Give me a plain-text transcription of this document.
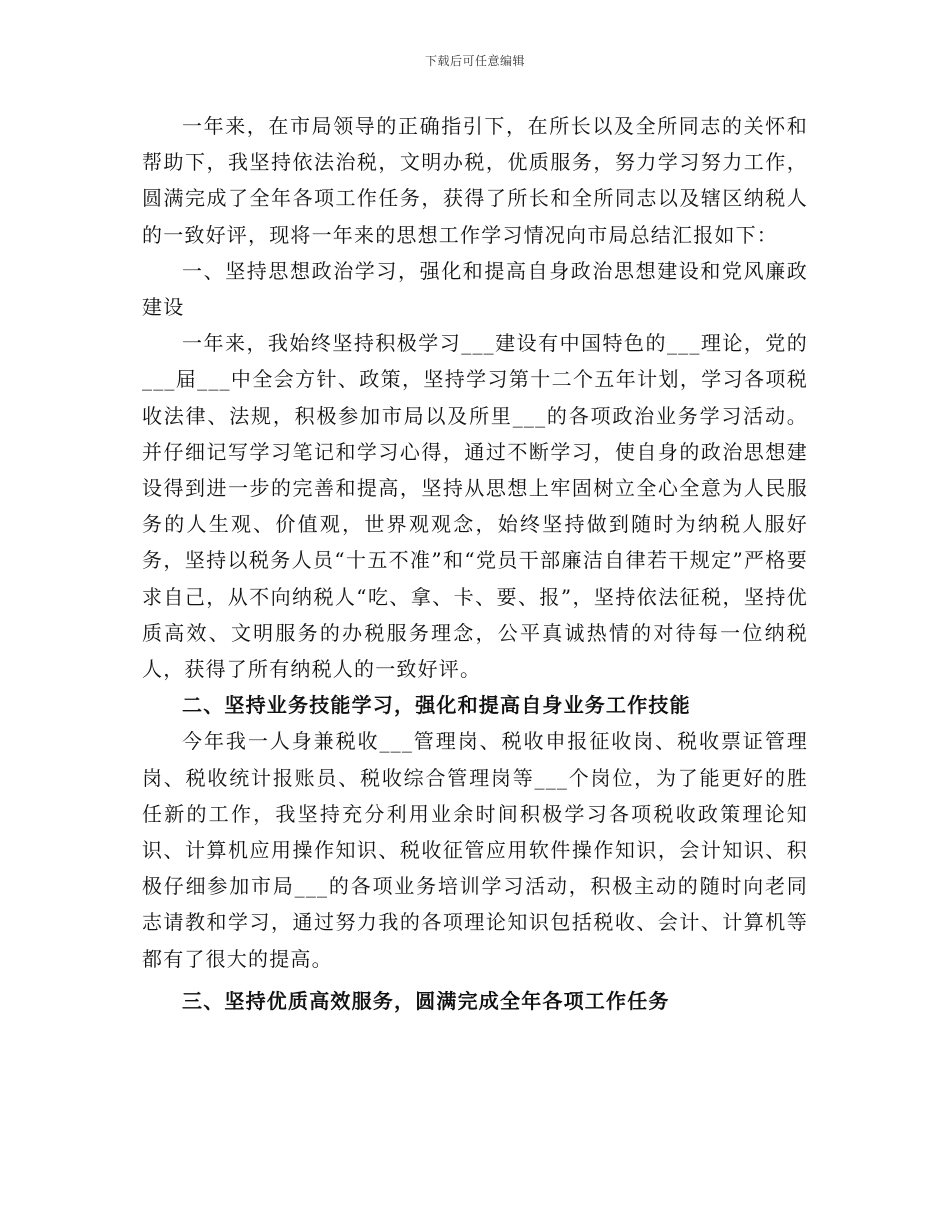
下载后可任意编辑

一年来，在市局领导的正确指引下，在所长以及全所同志的关怀和帮助下，我坚持依法治税，文明办税，优质服务，努力学习努力工作，圆满完成了全年各项工作任务，获得了所长和全所同志以及辖区纳税人的一致好评，现将一年来的思想工作学习情况向市局总结汇报如下：

一、坚持思想政治学习，强化和提高自身政治思想建设和党风廉政建设

一年来，我始终坚持积极学习___建设有中国特色的___理论，党的___届___中全会方针、政策，坚持学习第十二个五年计划，学习各项税收法律、法规，积极参加市局以及所里___的各项政治业务学习活动。并仔细记写学习笔记和学习心得，通过不断学习，使自身的政治思想建设得到进一步的完善和提高，坚持从思想上牢固树立全心全意为人民服务的人生观、价值观，世界观观念，始终坚持做到随时为纳税人服好务，坚持以税务人员“十五不准”和“党员干部廉洁自律若干规定”严格要求自己，从不向纳税人“吃、拿、卡、要、报”，坚持依法征税，坚持优质高效、文明服务的办税服务理念，公平真诚热情的对待每一位纳税人，获得了所有纳税人的一致好评。

二、坚持业务技能学习，强化和提高自身业务工作技能

今年我一人身兼税收___管理岗、税收申报征收岗、税收票证管理岗、税收统计报账员、税收综合管理岗等___个岗位，为了能更好的胜任新的工作，我坚持充分利用业余时间积极学习各项税收政策理论知识、计算机应用操作知识、税收征管应用软件操作知识，会计知识、积极仔细参加市局___的各项业务培训学习活动，积极主动的随时向老同志请教和学习，通过努力我的各项理论知识包括税收、会计、计算机等都有了很大的提高。

三、坚持优质高效服务，圆满完成全年各项工作任务
